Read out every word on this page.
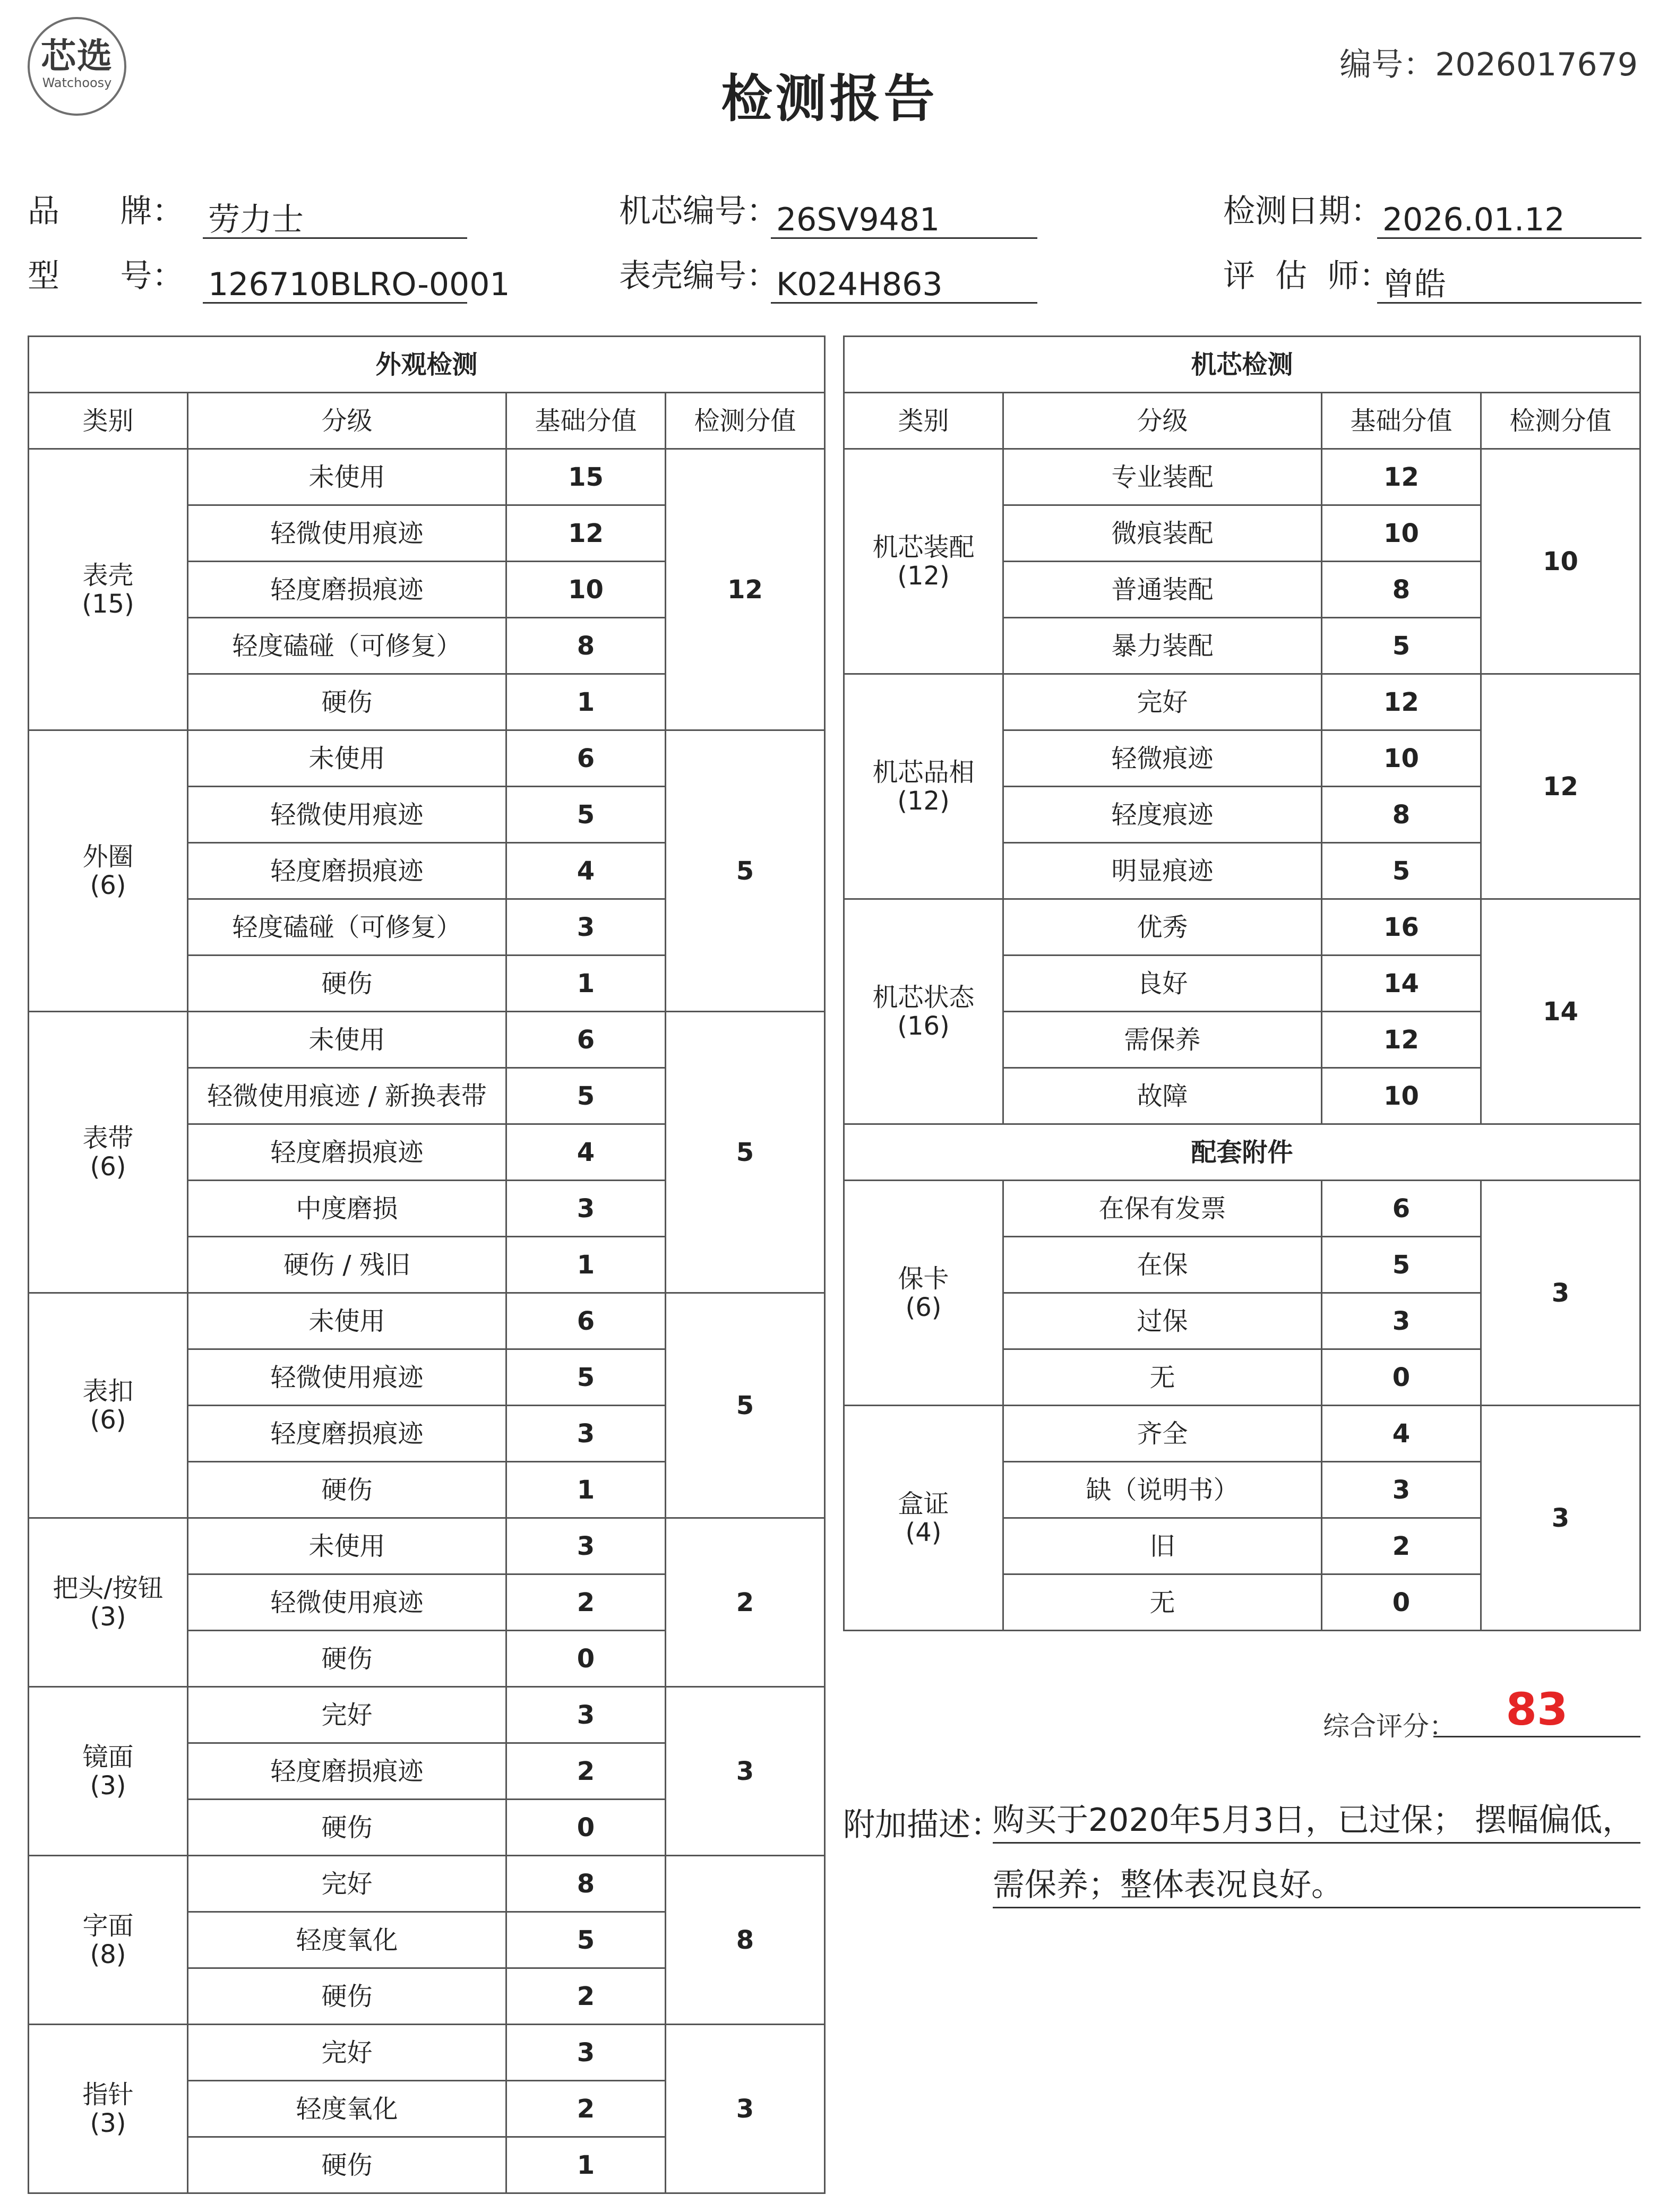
芯选
Watchoosy	检测报告
编号：2026017679
品      牌： 劳力士
型      号： 126710BLRO-0001
机芯编号：
26SV9481
表壳编号：
K024H863
检测日期： 2026.01.12
评  估  师：
曾皓
外观检测			
类别	分级	基础分值	检测分值

表壳
(15)	未使用	15	12
	轻微使用痕迹	12	
	轻度磨损痕迹	10	
	轻度磕碰（可修复）	8	
	硬伤	1	

外圈
(6)	未使用	6	5
	轻微使用痕迹	5	
	轻度磨损痕迹	4	
	轻度磕碰（可修复）	3	
	硬伤	1	

表带
(6)	未使用	6	5
	轻微使用痕迹 / 新换表带	5	
	轻度磨损痕迹	4	
	中度磨损	3	
	硬伤 / 残旧	1	

表扣
(6)	未使用	6	5
	轻微使用痕迹	5	
	轻度磨损痕迹	3	
	硬伤	1	

把头/按钮
(3)	未使用	3	2
	轻微使用痕迹	2	
	硬伤	0	

镜面
(3)	完好	3	3
	轻度磨损痕迹	2	
	硬伤	0	

字面
(8)	完好	8	8
	轻度氧化	5	
	硬伤	2	

指针
(3)	完好	3	3
	轻度氧化	2	
	硬伤	1	
机芯检测			
类别	分级	基础分值	检测分值

机芯装配
(12)	专业装配	12	10
	微痕装配	10	
	普通装配	8	
	暴力装配	5	

机芯品相
(12)	完好	12	12
	轻微痕迹	10	
	轻度痕迹	8	
	明显痕迹	5	

机芯状态
(16)	优秀	16	14
	良好	14	
	需保养	12	
	故障	10	
配套附件			

保卡
(6)	在保有发票	6	3
	在保	5	
	过保	3	
	无	0	

盒证
(4)	齐全	4	3
	缺（说明书）	3	
	旧	2	
	无	0	
综合评分：	83
附加描述：
购买于2020年5月3日，已过保； 摆幅偏低，
需保养；整体表况良好。
